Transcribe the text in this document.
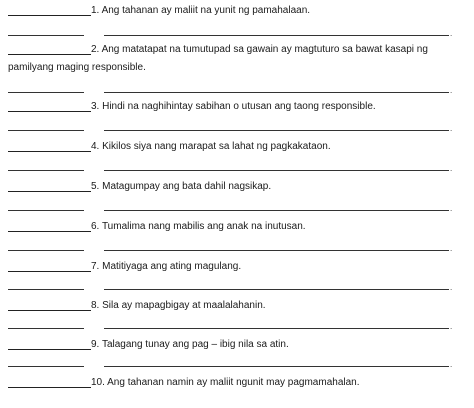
1. Ang tahanan ay maliit na yunit ng pamahalaan.
.
2. Ang matatapat na tumutupad sa gawain ay magtuturo sa bawat kasapi ng
pamilyang maging responsible.
.
3. Hindi na naghihintay sabihan o utusan ang taong responsible.
.
4. Kikilos siya nang marapat sa lahat ng pagkakataon.
.
5. Matagumpay ang bata dahil nagsikap.
.
6. Tumalima nang mabilis ang anak na inutusan.
.
7. Matitiyaga ang ating magulang.
.
8. Sila ay mapagbigay at maalalahanin.
.
9. Talagang tunay ang pag – ibig nila sa atin.
.
10. Ang tahanan namin ay maliit ngunit may pagmamahalan.
